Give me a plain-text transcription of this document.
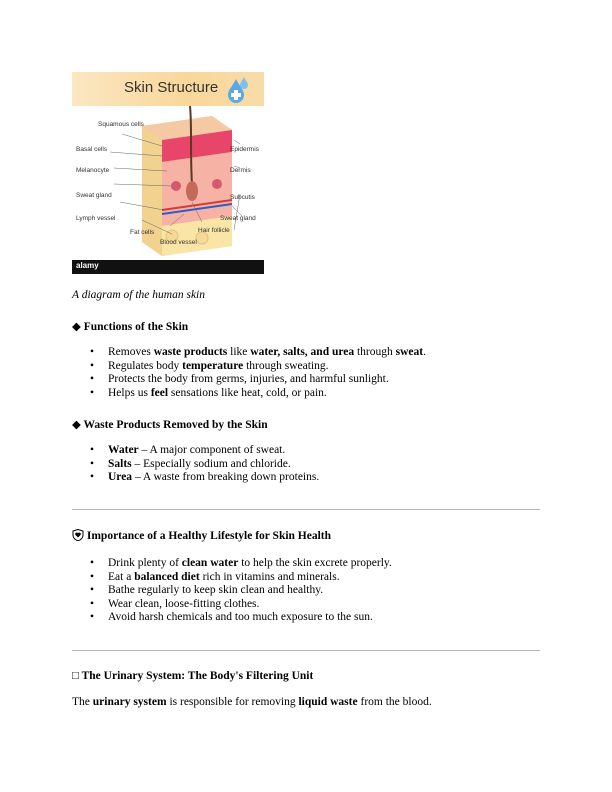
Skin Structure
Squamous cells
Basal cells
Melanocyte
Sweat gland
Lymph vessel
Fat cells
Blood vessel
Epidermis
Dermis
Subcutis
Sweat gland
Hair follicle
alamy
A diagram of the human skin
◆ Functions of the Skin
• Removes waste products like water, salts, and urea through sweat.
• Regulates body temperature through sweating.
• Protects the body from germs, injuries, and harmful sunlight.
• Helps us feel sensations like heat, cold, or pain.
◆ Waste Products Removed by the Skin
• Water – A major component of sweat.
• Salts – Especially sodium and chloride.
• Urea – A waste from breaking down proteins.
Importance of a Healthy Lifestyle for Skin Health
• Drink plenty of clean water to help the skin excrete properly.
• Eat a balanced diet rich in vitamins and minerals.
• Bathe regularly to keep skin clean and healthy.
• Wear clean, loose-fitting clothes.
• Avoid harsh chemicals and too much exposure to the sun.
□ The Urinary System: The Body's Filtering Unit
The urinary system is responsible for removing liquid waste from the blood.
